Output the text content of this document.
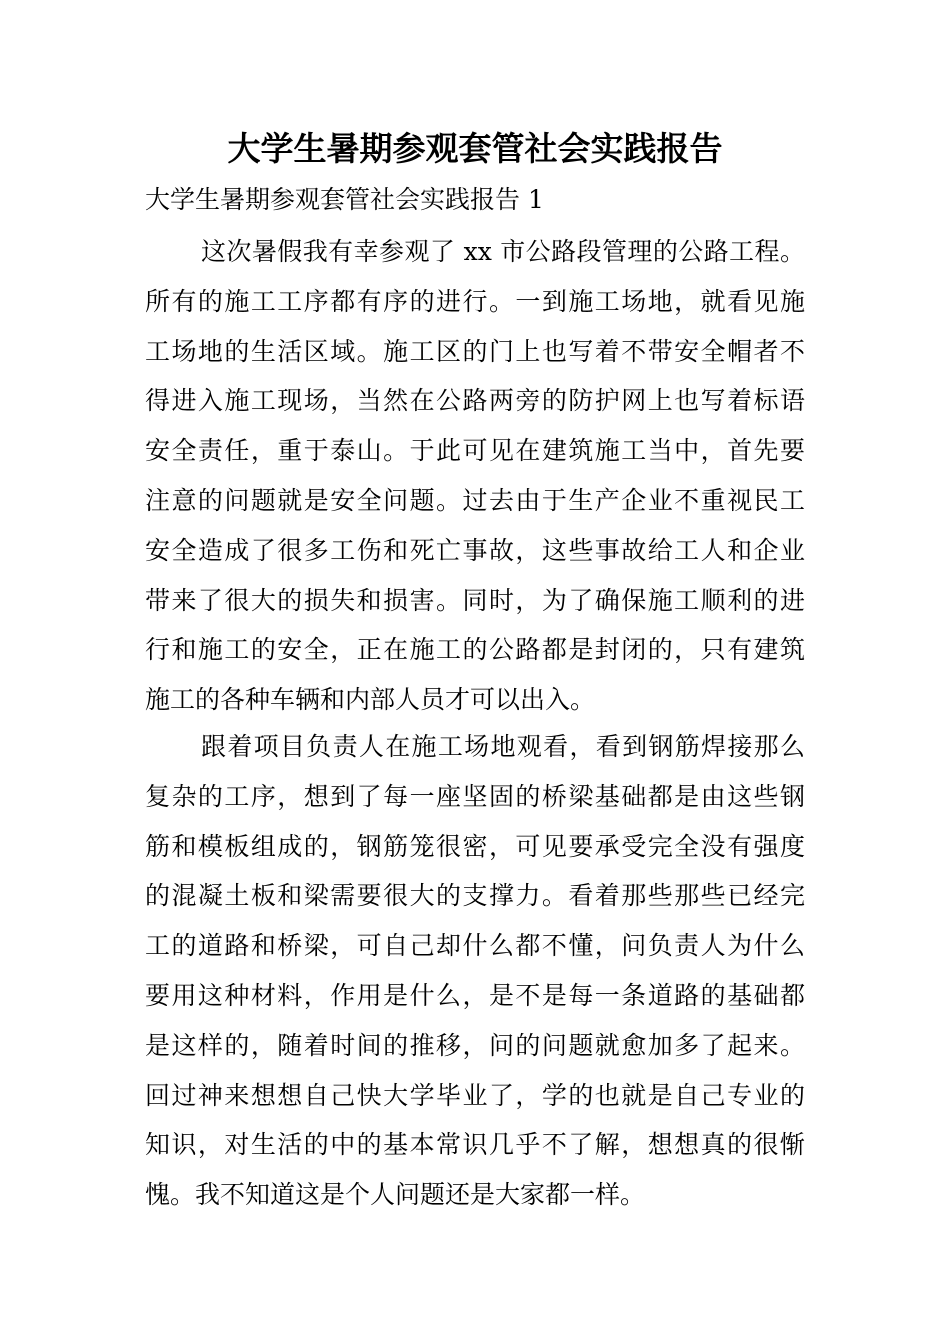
大学生暑期参观套管社会实践报告

大学生暑期参观套管社会实践报告 1

这次暑假我有幸参观了 xx 市公路段管理的公路工程。
所有的施工工序都有序的进行。一到施工场地，就看见施
工场地的生活区域。施工区的门上也写着不带安全帽者不
得进入施工现场，当然在公路两旁的防护网上也写着标语
安全责任，重于泰山。于此可见在建筑施工当中，首先要
注意的问题就是安全问题。过去由于生产企业不重视民工
安全造成了很多工伤和死亡事故，这些事故给工人和企业
带来了很大的损失和损害。同时，为了确保施工顺利的进
行和施工的安全，正在施工的公路都是封闭的，只有建筑
施工的各种车辆和内部人员才可以出入。
跟着项目负责人在施工场地观看，看到钢筋焊接那么
复杂的工序，想到了每一座坚固的桥梁基础都是由这些钢
筋和模板组成的，钢筋笼很密，可见要承受完全没有强度
的混凝土板和梁需要很大的支撑力。看着那些那些已经完
工的道路和桥梁，可自己却什么都不懂，问负责人为什么
要用这种材料，作用是什么，是不是每一条道路的基础都
是这样的，随着时间的推移，问的问题就愈加多了起来。
回过神来想想自己快大学毕业了，学的也就是自己专业的
知识，对生活的中的基本常识几乎不了解，想想真的很惭
愧。我不知道这是个人问题还是大家都一样。
